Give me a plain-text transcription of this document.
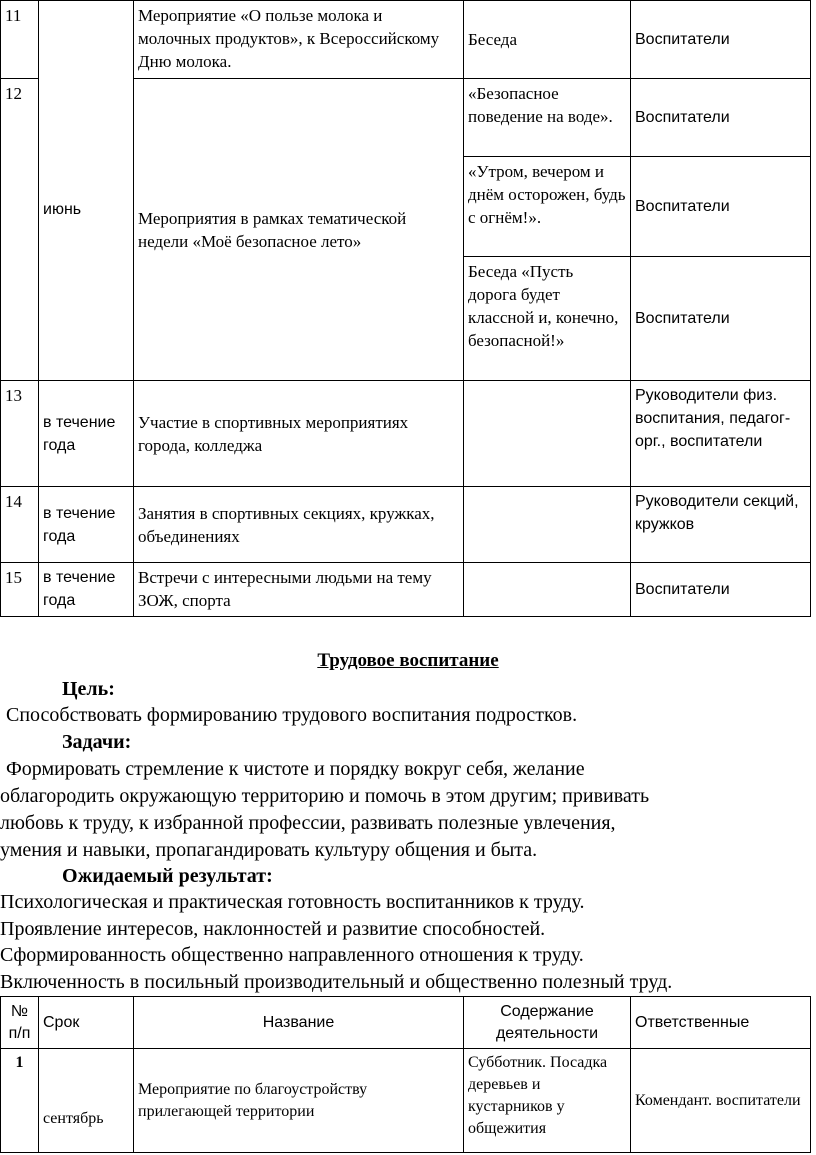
11	июнь	Мероприятие «О пользе молока и молочных продуктов», к Всероссийскому Дню молока.	Беседа	Воспитатели
12		Мероприятия в рамках тематической недели «Моё безопасное лето»	«Безопасное поведение на воде».	Воспитатели
			«Утром, вечером и днём осторожен, будь с огнём!».	Воспитатели
			Беседа «Пусть дорога будет классной и, конечно, безопасной!»	Воспитатели

13	в течение года	Участие в спортивных мероприятиях города, колледжа		Руководители физ. воспитания, педагог-орг., воспитатели
14	в течение года	Занятия в спортивных секциях, кружках, объединениях		Руководители секций, кружков
15	в течение года	Встречи с интересными людьми на тему ЗОЖ, спорта		Воспитатели
Трудовое воспитание
Цель:
Способствовать формированию трудового воспитания подростков.
Задачи:
Формировать стремление к чистоте и порядку вокруг себя, желание
облагородить окружающую территорию и помочь в этом другим; прививать
любовь к труду, к избранной профессии, развивать полезные увлечения,
умения и навыки, пропагандировать культуру общения и быта.
Ожидаемый результат:
Психологическая и практическая готовность воспитанников к труду.
Проявление интересов, наклонностей и развитие способностей.
Сформированность общественно направленного отношения к труду.
Включенность в посильный производительный и общественно полезный труд.
№ п/п	Срок	Название	Содержание деятельности	Ответственные
1	сентябрь	Мероприятие по благоустройству прилегающей территории	Субботник. Посадка деревьев и кустарников у общежития	Комендант. воспитатели
